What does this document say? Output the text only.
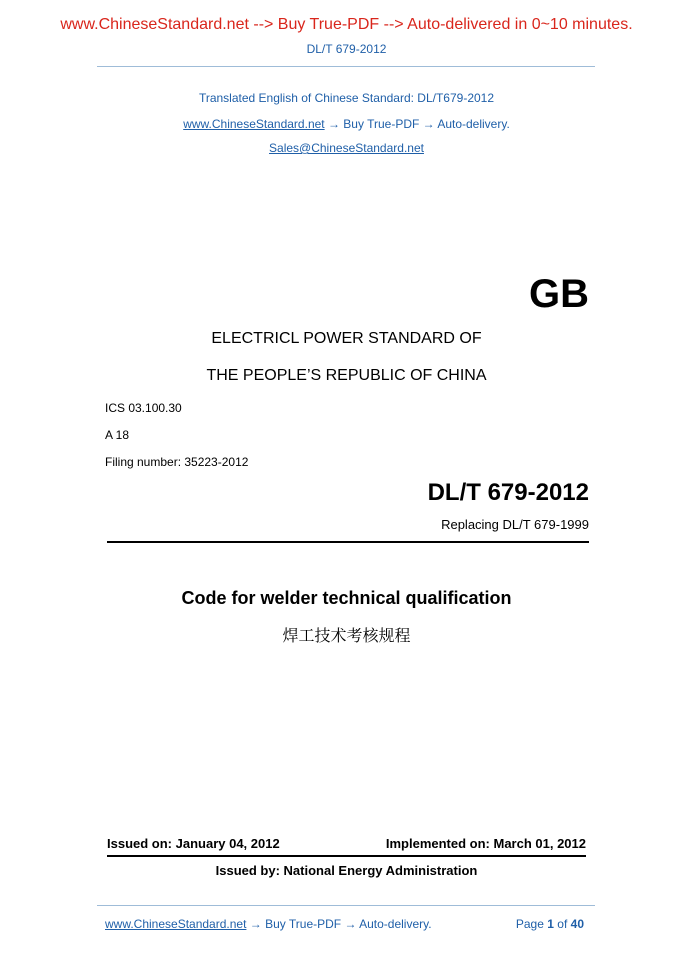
www.ChineseStandard.net --> Buy True-PDF --> Auto-delivered in 0~10 minutes.
DL/T 679-2012
Translated English of Chinese Standard: DL/T679-2012
www.ChineseStandard.net → Buy True-PDF → Auto-delivery.
Sales@ChineseStandard.net
GB
ELECTRICL POWER STANDARD OF
THE PEOPLE’S REPUBLIC OF CHINA
ICS 03.100.30
A 18
Filing number: 35223-2012
DL/T 679-2012
Replacing DL/T 679-1999
Code for welder technical qualification
焊工技术考核规程
Issued on: January 04, 2012	Implemented on: March 01, 2012
Issued by: National Energy Administration
www.ChineseStandard.net → Buy True-PDF → Auto-delivery.	Page 1 of 40
